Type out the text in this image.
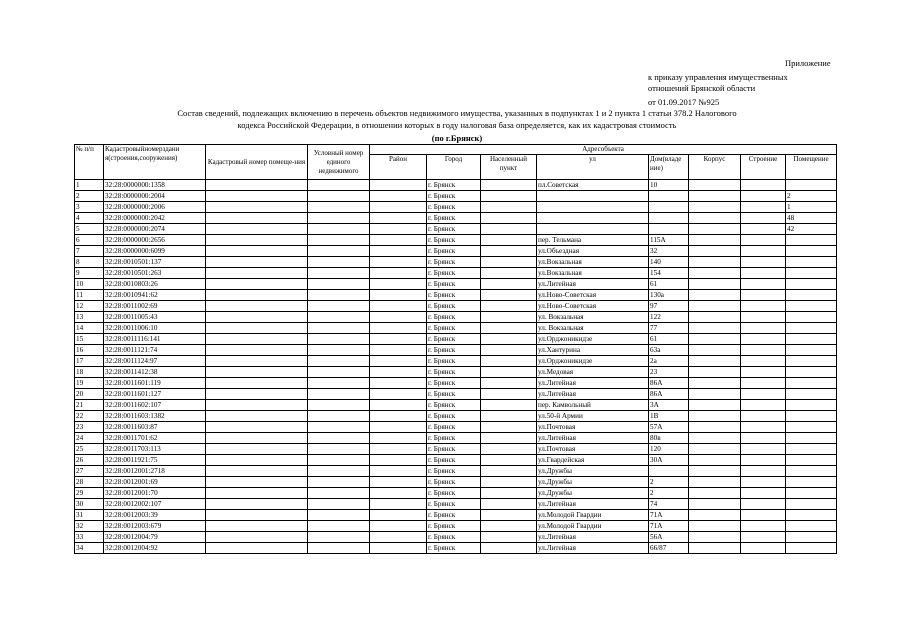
Приложение
к приказу управления имущественных
отношений Брянской области
от 01.09.2017 №925
Состав сведений, подлежащих включению в перечень объектов недвижимого имущества, указанных в подпунктах 1 и 2 пункта 1 статьи 378.2 Налогового
кодекса Российской Федерации, в отношении которых в году налоговая база определяется, как их кадастровая стоимость
(по г.Брянск)
№ п/п	Кадастровыйномерздани я(строения,сооружения)	Кадастровый номер помеще-ния	Условный номер единого недвижимого	Адресобъекта							
				Район	Город	Населенный пункт	ул	Дом(владе ние)	Корпус	Строение	Помещение
1	32:28:0000000:1358				г. Брянск		пл.Советская	10			
2	32:28:0000000:2004				г. Брянск						2
3	32:28:0000000:2006				г. Брянск						1
4	32:28:0000000:2042				г. Брянск						48
5	32:28:0000000:2074				г. Брянск						42
6	32:28:0000000:2656				г. Брянск		пер. Тельмана	115А			
7	32:28:0000000:6099				г. Брянск		ул.Объездная	32			
8	32:28:0010501:137				г. Брянск		ул.Вокзальная	140			
9	32:28:0010501:263				г. Брянск		ул.Вокзальная	154			
10	32:28:0010803:26				г. Брянск		ул.Литейная	61			
11	32:28:0010941:62				г. Брянск		ул.Ново-Советская	130а			
12	32:28:0011002:69				г. Брянск		ул.Ново-Советская	97			
13	32:28:0011005:43				г. Брянск		ул. Вокзальная	122			
14	32:28:0011006:10				г. Брянск		ул. Вокзальная	77			
15	32:28:0011116:141				г. Брянск		ул.Орджоникидзе	61			
16	32:28:0011121:74				г. Брянск		ул.Хантурина	63а			
17	32:28:0011124:97				г. Брянск		ул.Орджоникидзе	2а			
18	32:28:0011412:38				г. Брянск		ул.Медовая	23			
19	32:28:0011601:119				г. Брянск		ул.Литейная	86А			
20	32:28:0011601:127				г. Брянск		ул.Литейная	86А			
21	32:28:0011602:107				г. Брянск		пер. Камвольный	3А			
22	32:28:0011603:1382				г. Брянск		ул.50-й Армии	1В			
23	32:28:0011603:87				г. Брянск		ул.Почтовая	57А			
24	32:28:0011701:62				г. Брянск		ул.Литейная	80в			
25	32:28:0011703:113				г. Брянск		ул.Почтовая	120			
26	32:28:0011921:75				г. Брянск		ул.Гвардейская	30А			
27	32:28:0012001:2718				г. Брянск		ул.Дружбы				
28	32:28:0012001:69				г. Брянск		ул.Дружбы	2			
29	32:28:0012001:70				г. Брянск		ул.Дружбы	2			
30	32:28:0012002:107				г. Брянск		ул.Литейная	74			
31	32:28:0012003:39				г. Брянск		ул.Молодой Гвардии	71А			
32	32:28:0012003:679				г. Брянск		ул.Молодой Гвардии	71А			
33	32:28:0012004:79				г. Брянск		ул.Литейная	56А			
34	32:28:0012004:92				г. Брянск		ул.Литейная	66/87			
